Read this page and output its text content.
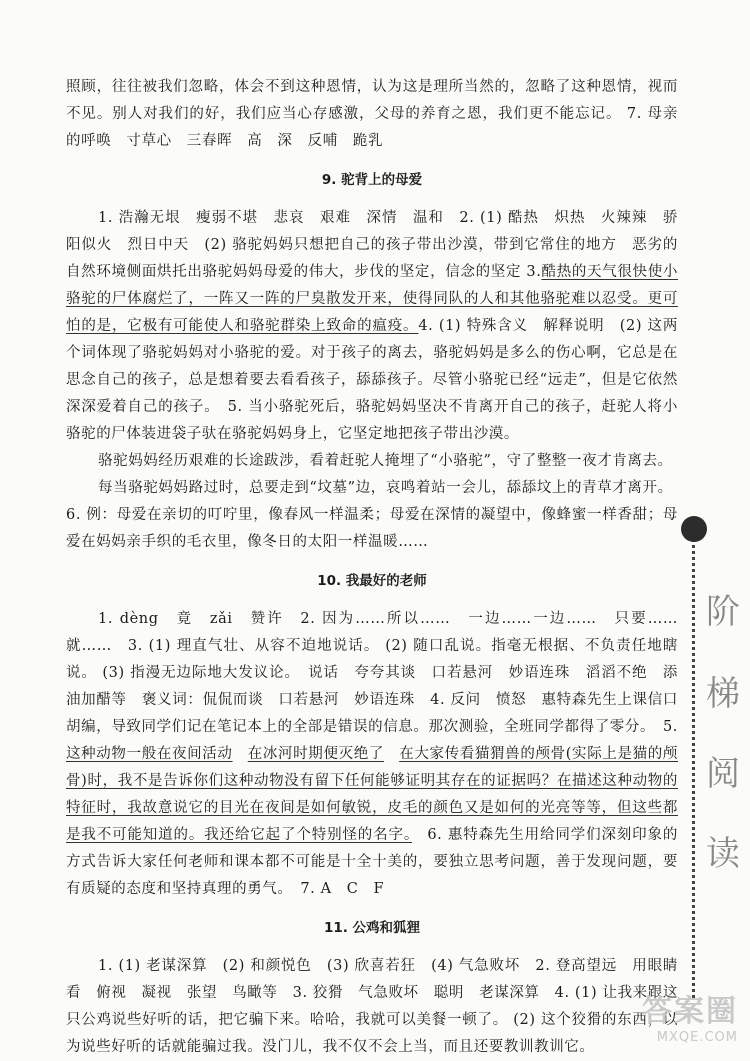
照顾，往往被我们忽略，体会不到这种恩情，认为这是理所当然的，忽略了这种恩情，视而不见。别人对我们的好，我们应当心存感激，父母的养育之恩，我们更不能忘记。 7. 母亲的呼唤　寸草心　三春晖　高　深　反哺　跪乳

9. 驼背上的母爱

1. 浩瀚无垠　瘦弱不堪　悲哀　艰难　深情　温和　2. (1) 酷热　炽热　火辣辣　骄阳似火　烈日中天　(2) 骆驼妈妈只想把自己的孩子带出沙漠，带到它常住的地方　恶劣的自然环境侧面烘托出骆驼妈妈母爱的伟大，步伐的坚定，信念的坚定 3.酷热的天气很快使小骆驼的尸体腐烂了，一阵又一阵的尸臭散发开来，使得同队的人和其他骆驼难以忍受。更可怕的是，它极有可能使人和骆驼群染上致命的瘟疫。4. (1) 特殊含义　解释说明　(2) 这两个词体现了骆驼妈妈对小骆驼的爱。对于孩子的离去，骆驼妈妈是多么的伤心啊，它总是在思念自己的孩子，总是想着要去看看孩子，舔舔孩子。尽管小骆驼已经“远走”，但是它依然深深爱着自己的孩子。　5. 当小骆驼死后，骆驼妈妈坚决不肯离开自己的孩子，赶驼人将小骆驼的尸体装进袋子驮在骆驼妈妈身上，它坚定地把孩子带出沙漠。

骆驼妈妈经历艰难的长途跋涉，看着赶驼人掩埋了“小骆驼”，守了整整一夜才肯离去。

每当骆驼妈妈路过时，总要走到“坟墓”边，哀鸣着站一会儿，舔舔坟上的青草才离开。

6. 例：母爱在亲切的叮咛里，像春风一样温柔；母爱在深情的凝望中，像蜂蜜一样香甜；母爱在妈妈亲手织的毛衣里，像冬日的太阳一样温暖……

10. 我最好的老师

1. dèng　竟　zǎi　赞许　2. 因为……所以……　一边……一边……　只要……就……　3. (1) 理直气壮、从容不迫地说话。 (2) 随口乱说。指毫无根据、不负责任地瞎说。 (3) 指漫无边际地大发议论。　说话　夸夸其谈　口若悬河　妙语连珠　滔滔不绝　添油加醋等　褒义词：侃侃而谈　口若悬河　妙语连珠　4. 反问　愤怒　惠特森先生上课信口胡编，导致同学们记在笔记本上的全部是错误的信息。那次测验，全班同学都得了零分。　5. 这种动物一般在夜间活动　 在冰河时期便灭绝了　 在大家传看猫猬兽的颅骨(实际上是猫的颅骨)时，我不是告诉你们这种动物没有留下任何能够证明其存在的证据吗？在描述这种动物的特征时，我故意说它的目光在夜间是如何敏锐，皮毛的颜色又是如何的光亮等等，但这些都是我不可能知道的。我还给它起了个特别怪的名字。　 6. 惠特森先生用给同学们深刻印象的方式告诉大家任何老师和课本都不可能是十全十美的，要独立思考问题，善于发现问题，要有质疑的态度和坚持真理的勇气。　7. A　C　F

11. 公鸡和狐狸

1. (1) 老谋深算　(2) 和颜悦色　(3) 欣喜若狂　(4) 气急败坏　2. 登高望远　用眼睛看　俯视　凝视　张望　鸟瞰等　3. 狡猾　气急败坏　聪明　老谋深算　4. (1) 让我来跟这只公鸡说些好听的话，把它骗下来。哈哈，我就可以美餐一顿了。 (2) 这个狡猾的东西，以为说些好听的话就能骗过我。没门儿，我不仅不会上当，而且还要教训教训它。

阶
梯
阅
读
答案圈
MXQE.COM
